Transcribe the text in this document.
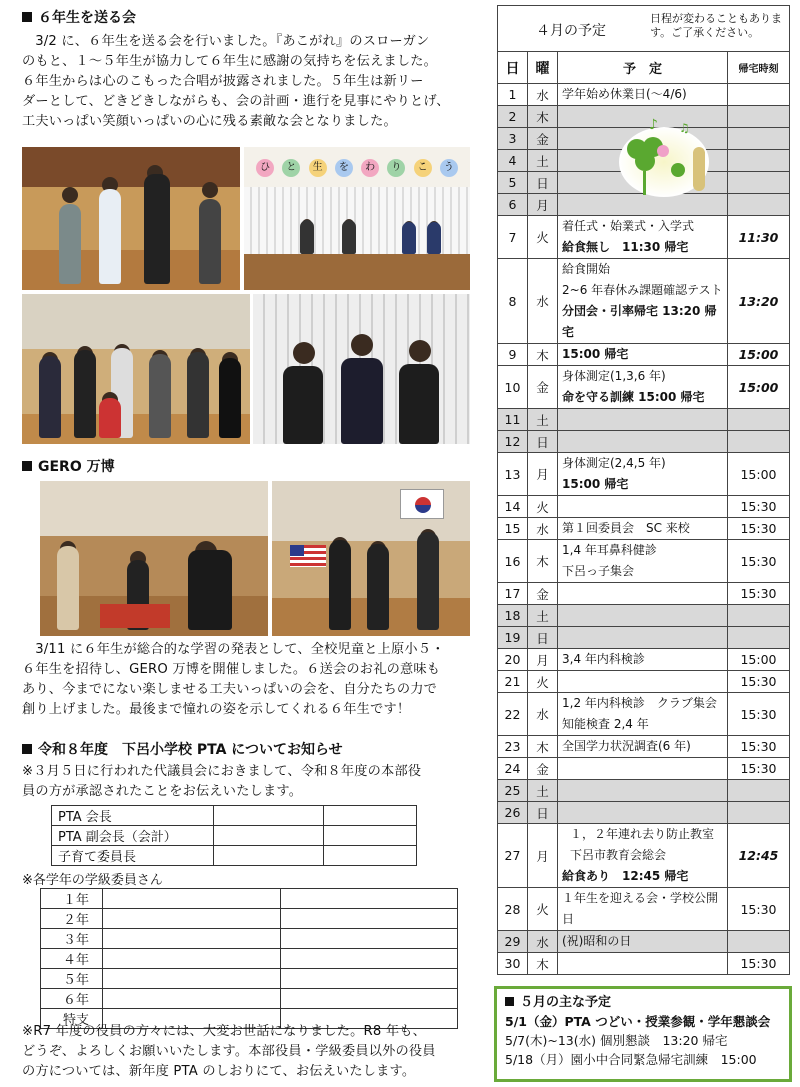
６年生を送る会
3/2 に、６年生を送る会を行いました。『あこがれ』のスローガン
のもと、１～５年生が協力して６年生に感謝の気持ちを伝えました。
６年生からは心のこもった合唱が披露されました。５年生は新リー
ダーとして、どきどきしながらも、会の計画・進行を見事にやりとげ、
工夫いっぱい笑顔いっぱいの心に残る素敵な会となりました。
ひ	と	生	を	わ	り	こ	う
GERO 万博
3/11 に６年生が総合的な学習の発表として、全校児童と上原小５・
６年生を招待し、GERO 万博を開催しました。６送会のお礼の意味も
あり、今までにない楽しませる工夫いっぱいの会を、自分たちの力で
創り上げました。最後まで憧れの姿を示してくれる６年生です！
令和８年度　下呂小学校 PTA についてお知らせ
※３月５日に行われた代議員会におきまして、令和８年度の本部役
員の方が承認されたことをお伝えいたします。
PTA 会長		
PTA 副会長（会計）		
子育て委員長		
※各学年の学級委員さん
１年		
２年		
３年		
４年		
５年		
６年		
特支		
※R7 年度の役員の方々には、大変お世話になりました。R8 年も、
どうぞ、よろしくお願いいたします。本部役員・学級委員以外の役員
の方については、新年度 PTA のしおりにて、お伝えいたします。
４月の予定
日程が変わることもあります。ご了承ください。
日	曜	予　定	帰宅時刻
1	水	学年始め休業日(～4/6)	

2	木		
3	金		
4	土		
5	日		
6	月		
7	火	着任式・始業式・入学式
給食無し　11:30 帰宅	11:30
8	水	給食開始
2~6 年春休み課題確認テスト
分団会・引率帰宅 13:20 帰宅	13:20
9	木	15:00 帰宅	15:00
10	金	身体測定(1,3,6 年)
命を守る訓練 15:00 帰宅	15:00
11	土		
12	日		
13	月	身体測定(2,4,5 年)
15:00 帰宅	15:00
14	火		15:30
15	水	第１回委員会　SC 来校	15:30
16	木	1,4 年耳鼻科健診
下呂っ子集会	15:30
17	金		15:30
18	土		
19	日		
20	月	3,4 年内科検診	15:00
21	火		15:30
22	水	1,2 年内科検診　クラブ集会
知能検査 2,4 年	15:30
23	木	全国学力状況調査(6 年)	15:30
24	金		15:30
25	土		
26	日		
27	月	１，２年連れ去り防止教室
下呂市教育会総会
給食あり　12:45 帰宅	12:45
28	火	１年生を迎える会・学校公開日	15:30
29	水	(祝)昭和の日	

30	木		15:30
♪ ♫
５月の主な予定
5/1（金）PTA つどい・授業参観・学年懇談会
5/7(木)~13(水) 個別懇談　13:20 帰宅
5/18（月）園小中合同緊急帰宅訓練　15:00
